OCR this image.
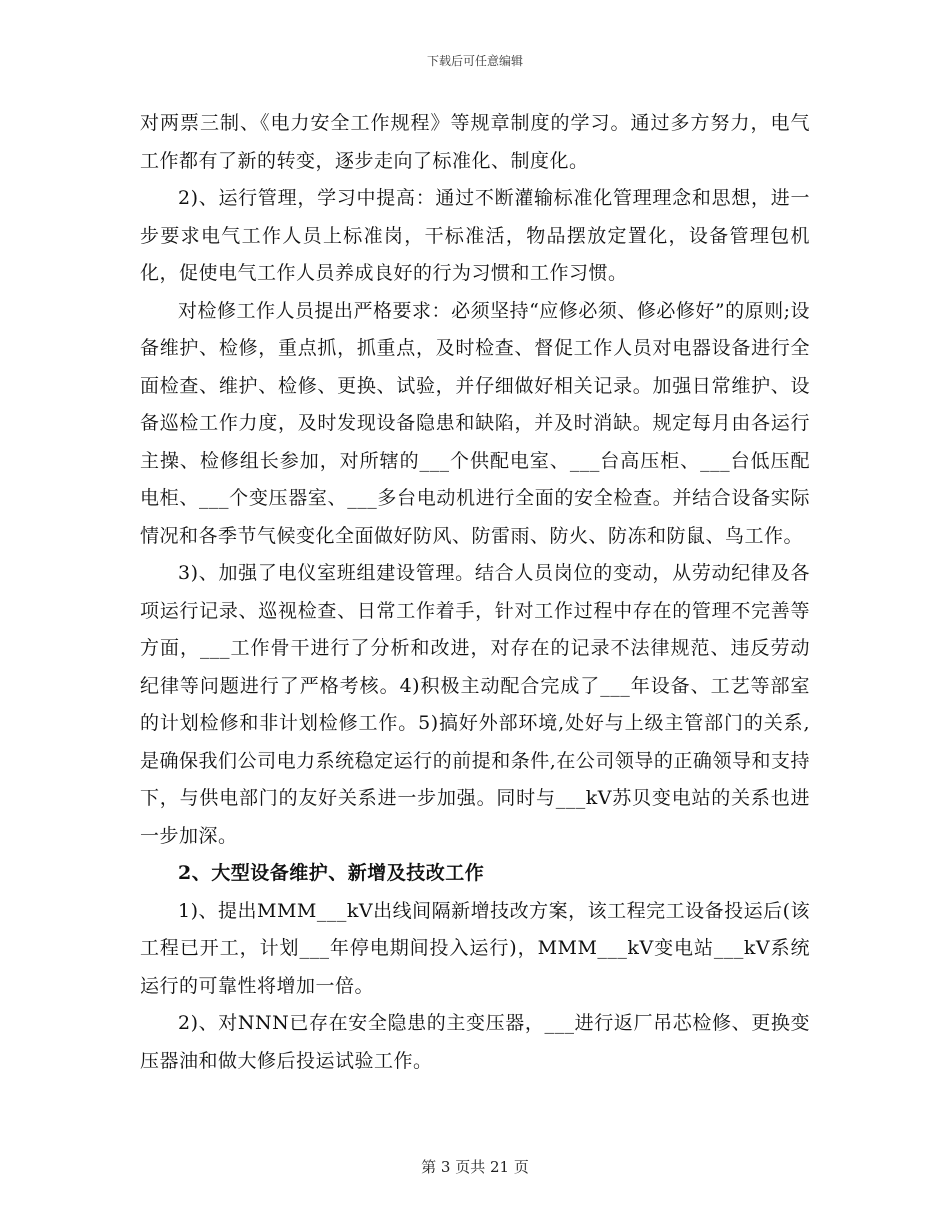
下载后可任意编辑

对两票三制、《电力安全工作规程》等规章制度的学习。通过多方努力，电气工作都有了新的转变，逐步走向了标准化、制度化。

2)、运行管理，学习中提高：通过不断灌输标准化管理理念和思想，进一步要求电气工作人员上标准岗，干标准活，物品摆放定置化，设备管理包机化，促使电气工作人员养成良好的行为习惯和工作习惯。

对检修工作人员提出严格要求：必须坚持“应修必须、修必修好”的原则;设备维护、检修，重点抓，抓重点，及时检查、督促工作人员对电器设备进行全面检查、维护、检修、更换、试验，并仔细做好相关记录。加强日常维护、设备巡检工作力度，及时发现设备隐患和缺陷，并及时消缺。规定每月由各运行主操、检修组长参加，对所辖的___个供配电室、___台高压柜、___台低压配电柜、___个变压器室、___多台电动机进行全面的安全检查。并结合设备实际情况和各季节气候变化全面做好防风、防雷雨、防火、防冻和防鼠、鸟工作。

3)、加强了电仪室班组建设管理。结合人员岗位的变动，从劳动纪律及各项运行记录、巡视检查、日常工作着手，针对工作过程中存在的管理不完善等方面，___工作骨干进行了分析和改进，对存在的记录不法律规范、违反劳动纪律等问题进行了严格考核。4)积极主动配合完成了___年设备、工艺等部室的计划检修和非计划检修工作。5)搞好外部环境,处好与上级主管部门的关系,是确保我们公司电力系统稳定运行的前提和条件,在公司领导的正确领导和支持下，与供电部门的友好关系进一步加强。同时与___kV苏贝变电站的关系也进一步加深。

2、大型设备维护、新增及技改工作

1)、提出MMM___kV出线间隔新增技改方案，该工程完工设备投运后(该工程已开工，计划___年停电期间投入运行)，MMM___kV变电站___kV系统运行的可靠性将增加一倍。

2)、对NNN已存在安全隐患的主变压器，___进行返厂吊芯检修、更换变压器油和做大修后投运试验工作。

第 3 页共 21 页
